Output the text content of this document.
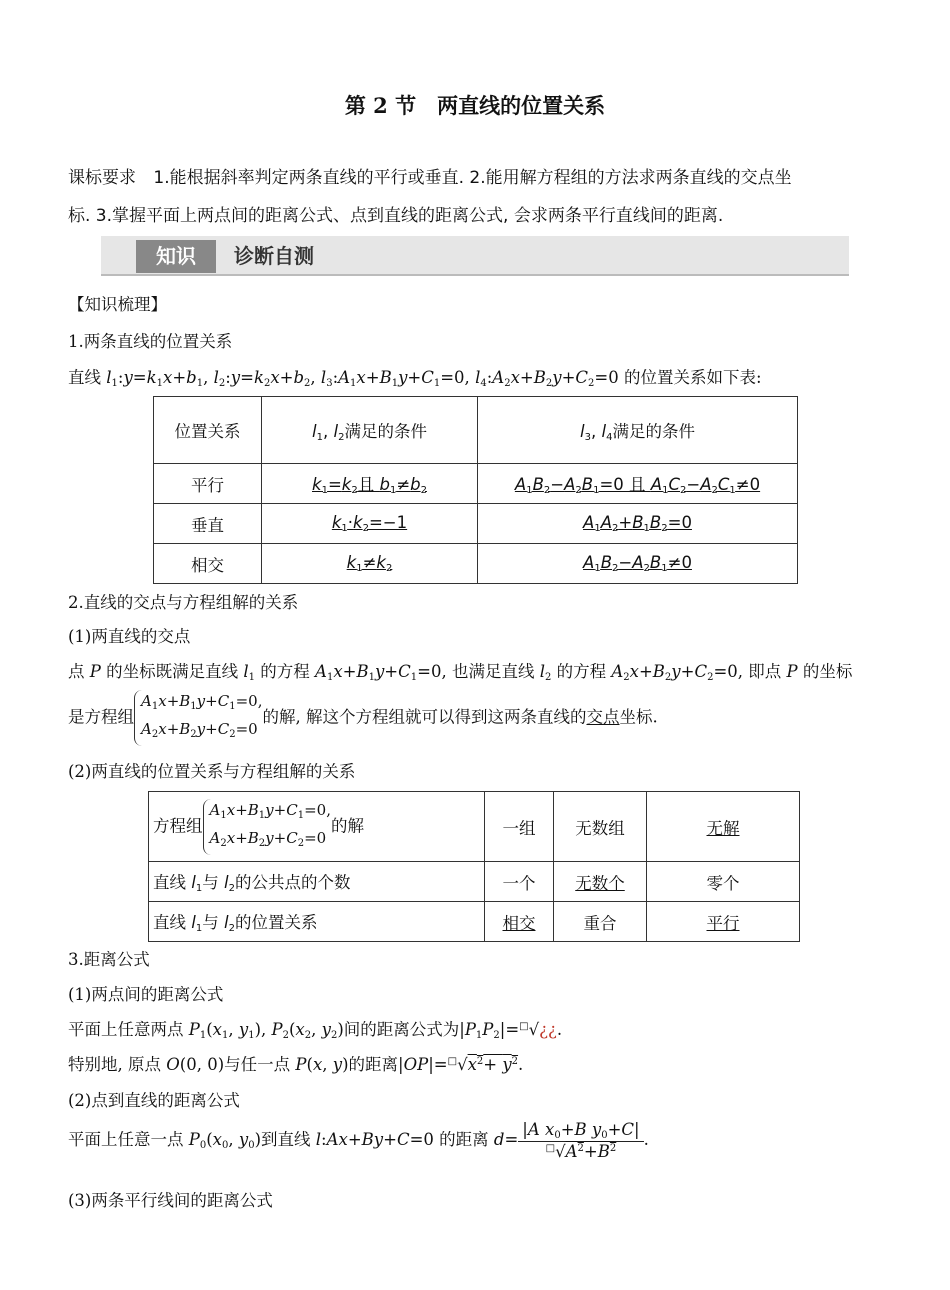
第 2 节　两直线的位置关系
课标要求 1.能根据斜率判定两条直线的平行或垂直. 2.能用解方程组的方法求两条直线的交点坐
标. 3.掌握平面上两点间的距离公式、点到直线的距离公式, 会求两条平行直线间的距离.
知识	诊断自测
【知识梳理】
1.两条直线的位置关系
直线 $l_1:y=k_1x+b_1$, $l_2:y=k_2x+b_2$, $l_3:A_1x+B_1y+C_1=0$, $l_4:A_2x+B_2y+C_2=0$ 的位置关系如下表:
位置关系	$l_1$, $l_2$满足的条件	$l_3$, $l_4$满足的条件
平行	$k_1=k_2$且 $b_1\ne b_2$	$A_1B_2-A_2B_1=0$ 且 $A_1C_2-A_2C_1\ne 0$
垂直	$k_1\cdot k_2=-1$	$A_1A_2+B_1B_2=0$
相交	$k_1\ne k_2$	$A_1B_2-A_2B_1\ne 0$
2.直线的交点与方程组解的关系
(1)两直线的交点
点 P 的坐标既满足直线 $l_1$ 的方程 $A_1x+B_1y+C_1=0$, 也满足直线 $l_2$ 的方程 $A_2x+B_2y+C_2=0$, 即点 P 的坐标
是方程组$A_1x+B_1y+C_1=0$,
$A_2x+B_2y+C_2=0$的解, 解这个方程组就可以得到这两条直线的交点坐标.
(2)两直线的位置关系与方程组解的关系
方程组$A_1x+B_1y+C_1=0$,
$A_2x+B_2y+C_2=0$的解	一组	无数组	无解
直线 $l_1$与 $l_2$的公共点的个数	一个	无数个	零个
直线 $l_1$与 $l_2$的位置关系	相交	重合	平行
3.距离公式
(1)两点间的距离公式
平面上任意两点 $P_1(x_1$, $y_1$), $P_2(x_2$, $y_2$)间的距离公式为$|P_1P_2|=^□√¿¿$.
特别地, 原点 O(0, 0)与任一点 P(x, y)的距离$|OP|=^□√x^2+ y^2$.
(2)点到直线的距离公式
平面上任意一点 $P_0(x_0$, $y_0$)到直线 l:Ax+By+C=0 的距离 $d= \frac{|A x_0+B y_0+C|}{^□√A^2+B^2}$ .
(3)两条平行线间的距离公式
